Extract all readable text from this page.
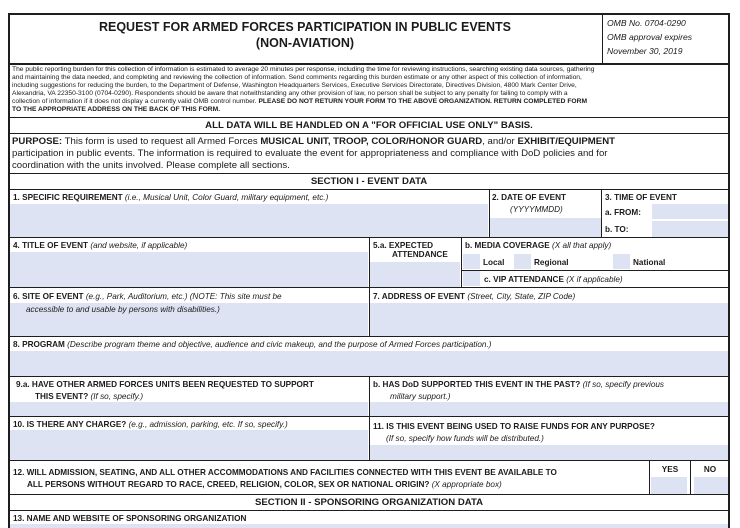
REQUEST FOR ARMED FORCES PARTICIPATION IN PUBLIC EVENTS
(NON-AVIATION)
OMB No. 0704-0290
OMB approval expires
November 30, 2019
The public reporting burden for this collection of information is estimated to average 20 minutes per response, including the time for reviewing instructions, searching existing data sources, gathering
and maintaining the data needed, and completing and reviewing the collection of information. Send comments regarding this burden estimate or any other aspect of this collection of information,
including suggestions for reducing the burden, to the Department of Defense, Washington Headquarters Services, Executive Services Directorate, Directives Division, 4800 Mark Center Drive,
Alexandria, VA 22350-3100 (0704-0290). Respondents should be aware that notwithstanding any other provision of law, no person shall be subject to any penalty for failing to comply with a
collection of information if it does not display a currently valid OMB control number. PLEASE DO NOT RETURN YOUR FORM TO THE ABOVE ORGANIZATION. RETURN COMPLETED FORM
TO THE APPROPRIATE ADDRESS ON THE BACK OF THIS FORM.
ALL DATA WILL BE HANDLED ON A "FOR OFFICIAL USE ONLY" BASIS.
PURPOSE: This form is used to request all Armed Forces MUSICAL UNIT, TROOP, COLOR/HONOR GUARD, and/or EXHIBIT/EQUIPMENT
participation in public events. The information is required to evaluate the event for appropriateness and compliance with DoD policies and for
coordination with the units involved. Please complete all sections.
SECTION I - EVENT DATA
1. SPECIFIC REQUIREMENT (i.e., Musical Unit, Color Guard, military equipment, etc.)	2. DATE OF EVENT
(YYYYMMDD)
3. TIME OF EVENT
a. FROM:
b. TO:
4. TITLE OF EVENT (and website, if applicable)	5.a. EXPECTED
ATTENDANCE
b. MEDIA COVERAGE (X all that apply)
Local	Regional	National
c. VIP ATTENDANCE (X if applicable)
6. SITE OF EVENT (e.g., Park, Auditorium, etc.) (NOTE: This site must be
accessible to and usable by persons with disabilities.)
7. ADDRESS OF EVENT (Street, City, State, ZIP Code)
8. PROGRAM (Describe program theme and objective, audience and civic makeup, and the purpose of Armed Forces participation.)
9.a. HAVE OTHER ARMED FORCES UNITS BEEN REQUESTED TO SUPPORT
THIS EVENT? (If so, specify.)
b. HAS DoD SUPPORTED THIS EVENT IN THE PAST? (If so, specify previous
military support.)
10. IS THERE ANY CHARGE? (e.g., admission, parking, etc. If so, specify.)	11. IS THIS EVENT BEING USED TO RAISE FUNDS FOR ANY PURPOSE?
(If so, specify how funds will be distributed.)
12. WILL ADMISSION, SEATING, AND ALL OTHER ACCOMMODATIONS AND FACILITIES CONNECTED WITH THIS EVENT BE AVAILABLE TO
ALL PERSONS WITHOUT REGARD TO RACE, CREED, RELIGION, COLOR, SEX OR NATIONAL ORIGIN? (X appropriate box)
YES	NO
SECTION II - SPONSORING ORGANIZATION DATA
13. NAME AND WEBSITE OF SPONSORING ORGANIZATION
